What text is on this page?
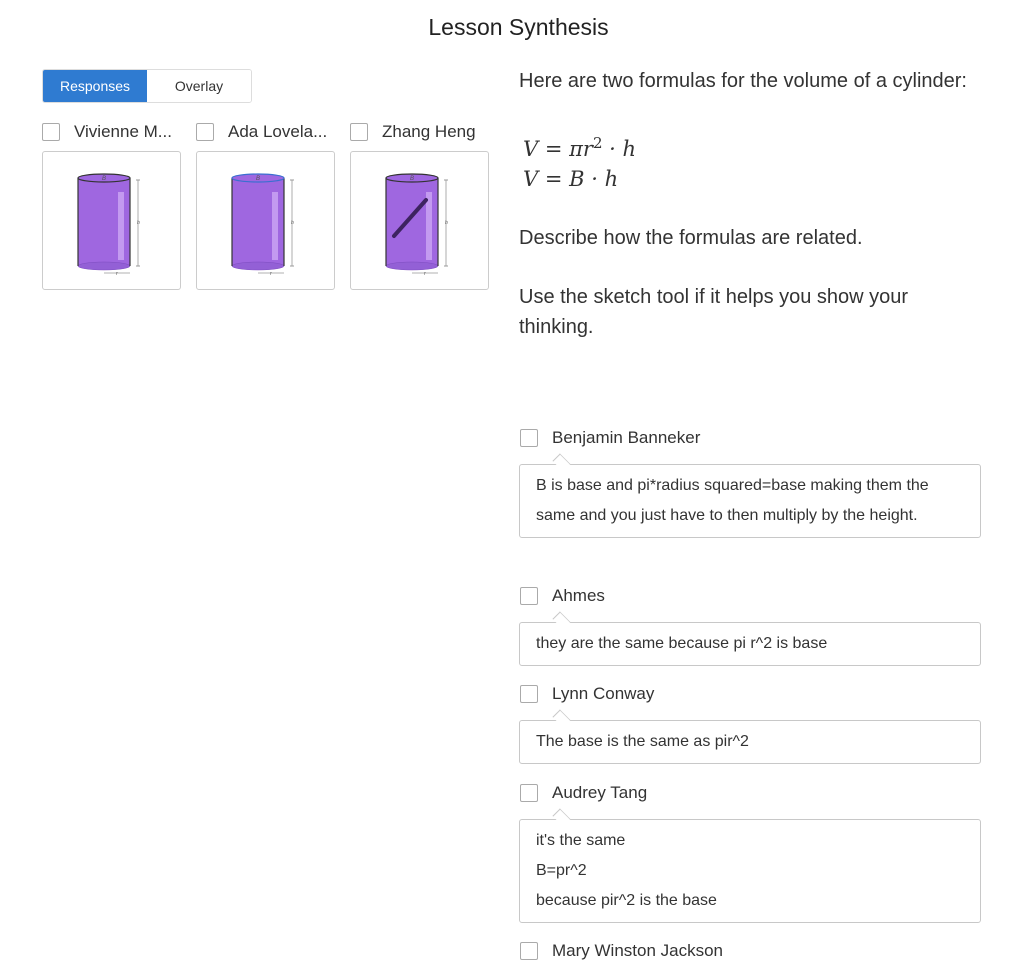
Lesson Synthesis
Responses	Overlay
Vivienne M...
B
h
r
Ada Lovela...
B
h
r
Zhang Heng
B
h
r
Here are two formulas for the volume of a cylinder:
$V = \pi r^2 \cdot h$
V = B · h
Describe how the formulas are related.
Use the sketch tool if it helps you show your thinking.
Benjamin Banneker
B is base and pi*radius squared=base making them the same and you just have to then multiply by the height.
Ahmes
they are the same because pi r^2 is base
Lynn Conway
The base is the same as pir^2
Audrey Tang
it's the same
B=pr^2
because pir^2 is the base
Mary Winston Jackson
